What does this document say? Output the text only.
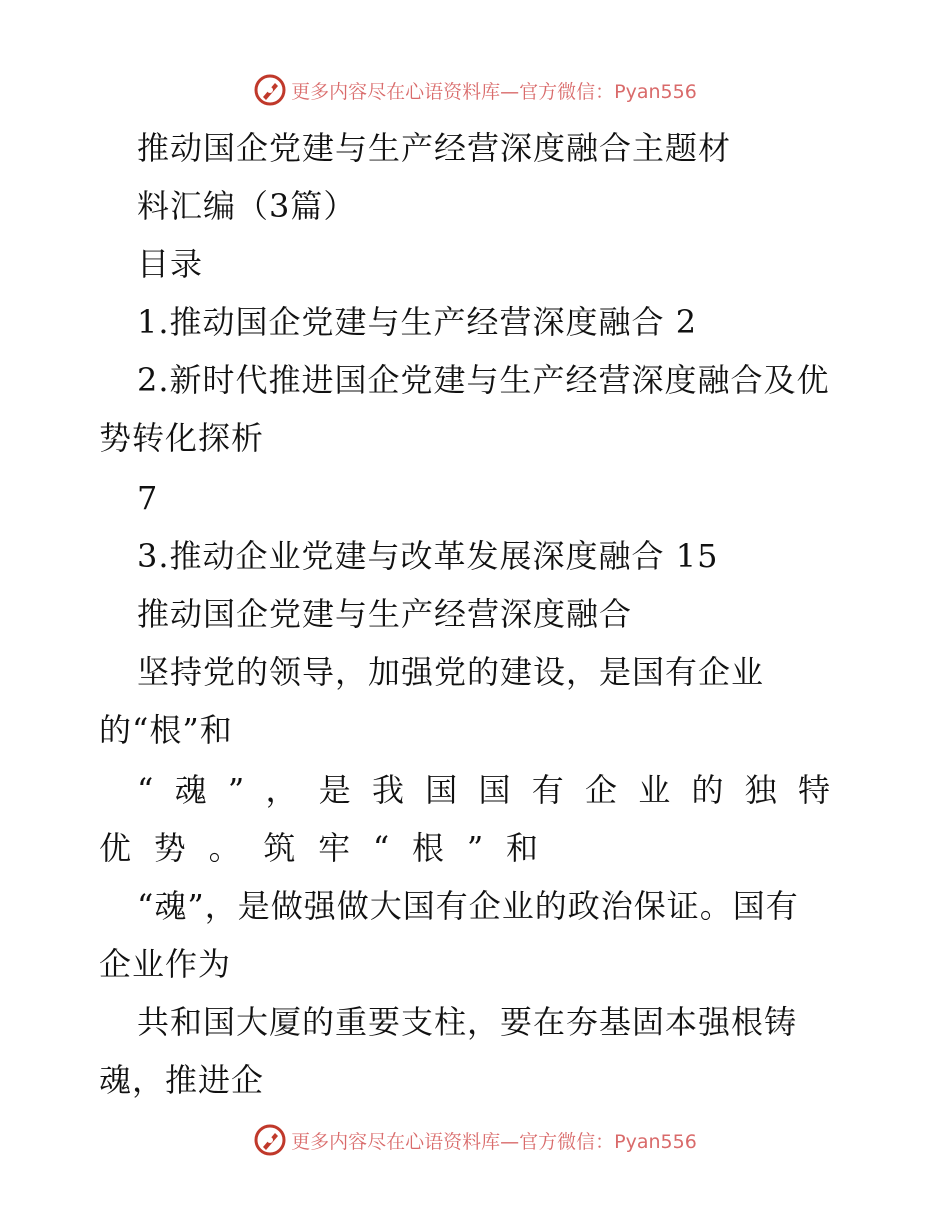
更多内容尽在心语资料库—官方微信：Pyan556
推动国企党建与生产经营深度融合主题材
料汇编（3篇）
目录
1.推动国企党建与生产经营深度融合 2
2.新时代推进国企党建与生产经营深度融合及优
势转化探析
7
3.推动企业党建与改革发展深度融合 15
推动国企党建与生产经营深度融合
坚持党的领导，加强党的建设，是国有企业
的“根”和
“ 魂 ” ， 是 我 国 国 有 企 业 的 独 特
优 势 。 筑 牢 “ 根 ” 和
“魂”，是做强做大国有企业的政治保证。国有
企业作为
共和国大厦的重要支柱，要在夯基固本强根铸
魂，推进企
更多内容尽在心语资料库—官方微信：Pyan556
